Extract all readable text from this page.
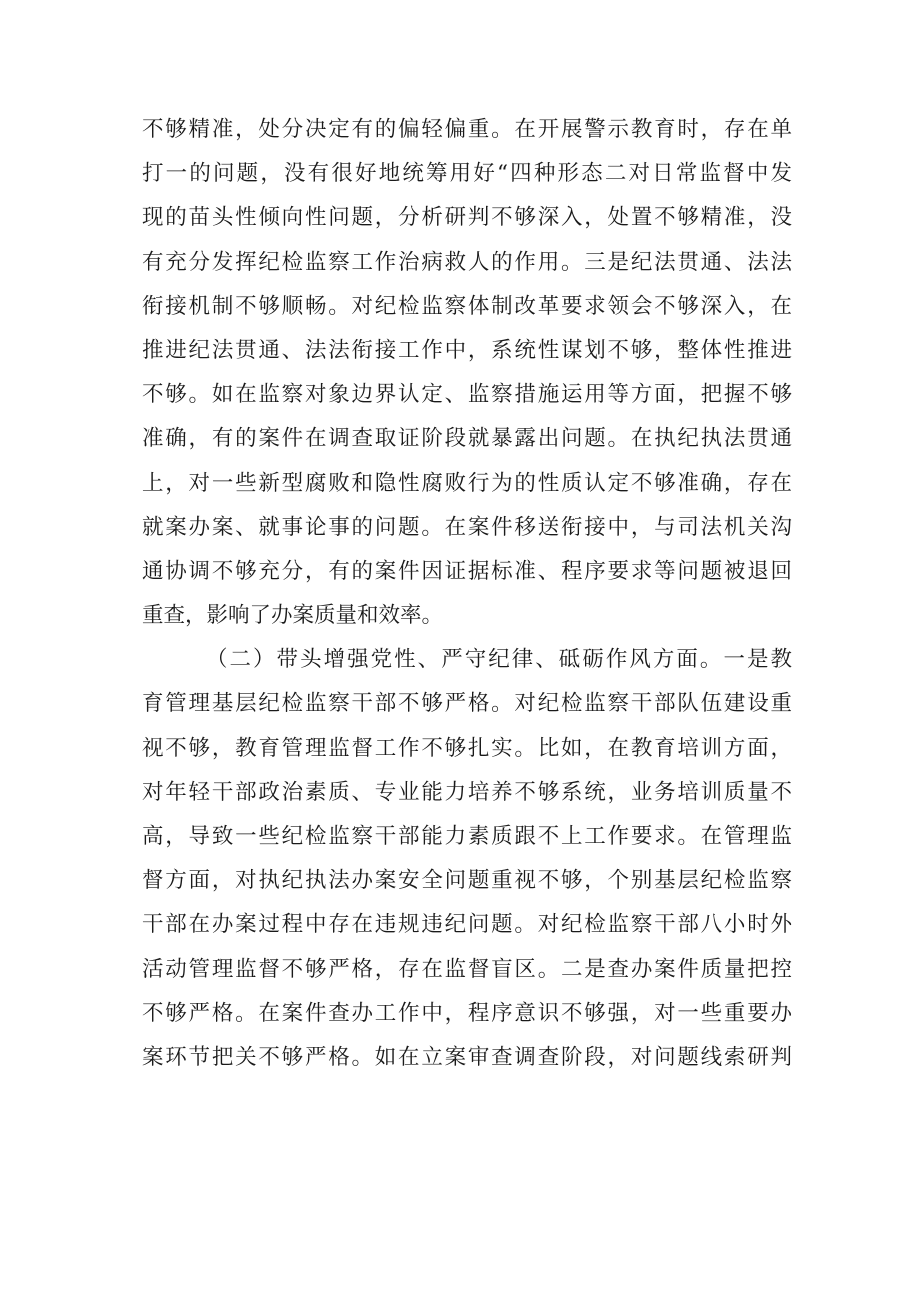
不够精准，处分决定有的偏轻偏重。在开展警示教育时，存在单
打一的问题，没有很好地统筹用好“四种形态二对日常监督中发
现的苗头性倾向性问题，分析研判不够深入，处置不够精准，没
有充分发挥纪检监察工作治病救人的作用。三是纪法贯通、法法
衔接机制不够顺畅。对纪检监察体制改革要求领会不够深入，在
推进纪法贯通、法法衔接工作中，系统性谋划不够，整体性推进
不够。如在监察对象边界认定、监察措施运用等方面，把握不够
准确，有的案件在调查取证阶段就暴露出问题。在执纪执法贯通
上，对一些新型腐败和隐性腐败行为的性质认定不够准确，存在
就案办案、就事论事的问题。在案件移送衔接中，与司法机关沟
通协调不够充分，有的案件因证据标准、程序要求等问题被退回
重查，影响了办案质量和效率。
（二）带头增强党性、严守纪律、砥砺作风方面。一是教
育管理基层纪检监察干部不够严格。对纪检监察干部队伍建设重
视不够，教育管理监督工作不够扎实。比如，在教育培训方面，
对年轻干部政治素质、专业能力培养不够系统，业务培训质量不
高，导致一些纪检监察干部能力素质跟不上工作要求。在管理监
督方面，对执纪执法办案安全问题重视不够，个别基层纪检监察
干部在办案过程中存在违规违纪问题。对纪检监察干部八小时外
活动管理监督不够严格，存在监督盲区。二是查办案件质量把控
不够严格。在案件查办工作中，程序意识不够强，对一些重要办
案环节把关不够严格。如在立案审查调查阶段，对问题线索研判
